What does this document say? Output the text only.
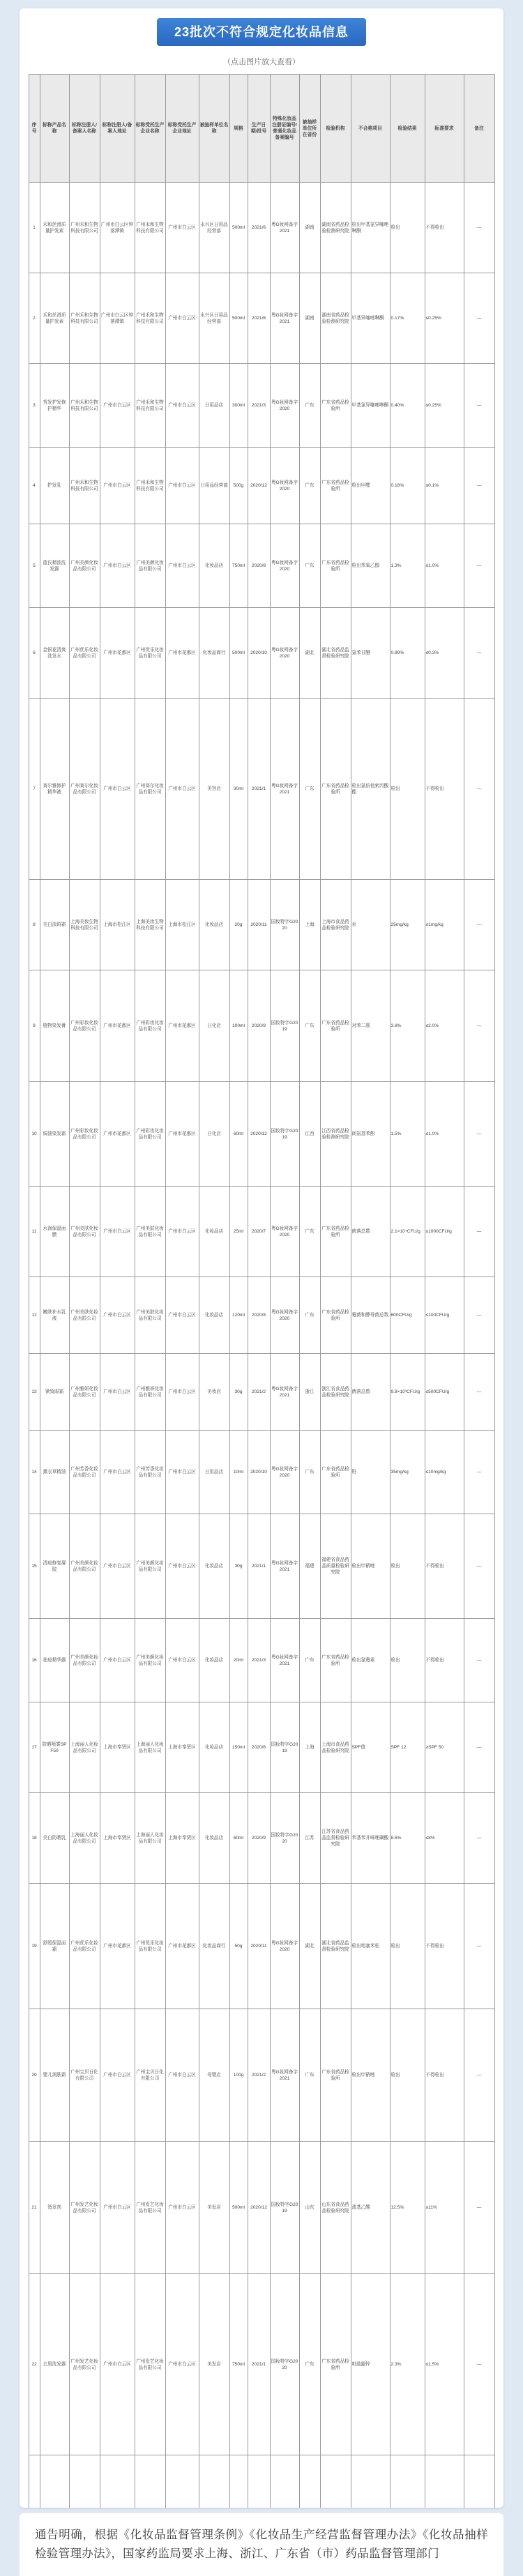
23批次不符合规定化妆品信息
（点击图片放大查看）
序号	标称产品名称	标称注册人/备案人名称	标称注册人/备案人地址	标称受托生产企业名称	标称受托生产企业地址	被抽样单位名称	规格	生产日期/批号	特殊化妆品注册证编号/普通化妆品备案编号	被抽样单位所在省份	检验机构	不合格项目	检验结果	标准要求	备注
1	禾和丝滑质量护发素	广州禾和生物科技有限公司	广州市白云区钟落潭镇	广州禾和生物科技有限公司	广州市白云区	永兴区日用品经营部	500ml	2021/6	粤G妆网备字2021	湖南	湖南省药品检验检测研究院	检出甲基氯异噻唑啉酮	检出	不得检出	—
2	禾和丝滑质量护发素	广州禾和生物科技有限公司	广州市白云区钟落潭镇	广州禾和生物科技有限公司	广州市白云区	永兴区日用品经营部	500ml	2021/6	粤G妆网备字2021	湖南	湖南省药品检验检测研究院	甲基异噻唑啉酮	0.17%	≤0.25%	—
3	秀发护发修护精华	广州禾和生物科技有限公司	广州市白云区	广州禾和生物科技有限公司	广州市白云区	日用品店	300ml	2021/3	粤G妆网备字2020	广东	广东省药品检验所	甲基氯异噻唑啉酮	0.40%	≤0.25%	—
4	护发乳	广州禾和生物科技有限公司	广州市白云区	广州禾和生物科技有限公司	广州市白云区	日用品经营部	500g	2020/12	粤G妆网备字2020	广东	广东省药品检验所	检出甲醛	0.18%	≤0.1%	—
5	蓝氏精油洗发露	广州美颜化妆品有限公司	广州市白云区	广州美颜化妆品有限公司	广州市白云区	化妆品店	750ml	2020/8	粤G妆网备字2020	广东	广东省药品检验所	检出苯氧乙醇	1.3%	≤1.0%	—
6	金银花清爽洗发水	广州优乐化妆品有限公司	广州市花都区	广州优乐化妆品有限公司	广州市花都区	化妆品商行	500ml	2020/10	粤G妆网备字2020	湖北	湖北省药品监督检验研究院	氯苯甘醚	0.89%	≤0.3%	—
7	赛尔雅修护精华液	广州赛尔化妆品有限公司	广州市白云区	广州赛尔化妆品有限公司	广州市白云区	美容店	30ml	2021/1	粤G妆网备字2021	广东	广东省药品检验所	检出氯倍他索丙酸酯	检出	不得检出	—
8	美白淡斑霜	上海美妆生物科技有限公司	上海市松江区	上海美妆生物科技有限公司	上海市松江区	化妆品店	20g	2020/11	国妆特字G2020	上海	上海市食品药品检验研究院	汞	25mg/kg	≤1mg/kg	—
9	植物染发膏	广州彩妆化妆品有限公司	广州市花都区	广州彩妆化妆品有限公司	广州市花都区	日化店	100ml	2020/9	国妆特字G2019	广东	广东省药品检验所	对苯二胺	3.8%	≤2.0%	—
10	焗油染发霜	广州彩妆化妆品有限公司	广州市花都区	广州彩妆化妆品有限公司	广州市花都区	日化店	60ml	2020/12	国妆特字G2019	江西	江西省药品检验检测研究院	间氨基苯酚	1.5%	≤1.0%	—
11	水润保湿面膜	广州美肤化妆品有限公司	广州市白云区	广州美肤化妆品有限公司	广州市白云区	化妆品店	25ml	2020/7	粤G妆网备字2020	广东	广东省药品检验所	菌落总数	2.1×10⁴CFU/g	≤1000CFU/g	—
12	嫩肤补水乳液	广州美肤化妆品有限公司	广州市白云区	广州美肤化妆品有限公司	广州市白云区	化妆品店	120ml	2020/8	粤G妆网备字2020	广东	广东省药品检验所	霉菌和酵母菌总数	600CFU/g	≤100CFU/g	—
13	紧致眼霜	广州雅妍化妆品有限公司	广州市白云区	广州雅妍化妆品有限公司	广州市白云区	美妆店	30g	2021/2	粤G妆网备字2021	浙江	浙江省食品药品检验研究院	菌落总数	9.8×10³CFU/g	≤500CFU/g	—
14	薰衣草精油	广州芳香化妆品有限公司	广州市白云区	广州芳香化妆品有限公司	广州市白云区	日用品店	10ml	2020/10	粤G妆网备字2020	广东	广东省药品检验所	铅	35mg/kg	≤10mg/kg	—
15	清痘修复凝胶	广州美颜化妆品有限公司	广州市白云区	广州美颜化妆品有限公司	广州市白云区	化妆品店	30g	2021/1	粤G妆网备字2021	福建	福建省食品药品质量检验研究院	检出甲硝唑	检出	不得检出	—
16	祛痘精华露	广州美颜化妆品有限公司	广州市白云区	广州美颜化妆品有限公司	广州市白云区	化妆品店	20ml	2021/3	粤G妆网备字2021	广东	广东省药品检验所	检出氯霉素	检出	不得检出	—
17	防晒喷雾SPF50	上海丽人化妆品有限公司	上海市奉贤区	上海丽人化妆品有限公司	上海市奉贤区	化妆品店	150ml	2020/6	国妆特字G2019	上海	上海市食品药品检验研究院	SPF值	SPF 12	≥SPF 50	—
18	美白防晒乳	上海丽人化妆品有限公司	上海市奉贤区	上海丽人化妆品有限公司	上海市奉贤区	化妆品店	60ml	2020/9	国妆特字G2020	江苏	江苏省食品药品监督检验研究院	苯基苯并咪唑磺酸	8.6%	≤8%	—
19	舒缓保湿面霜	广州优乐化妆品有限公司	广州市花都区	广州优乐化妆品有限公司	广州市花都区	化妆品商行	50g	2020/11	粤G妆网备字2020	湖北	湖北省药品监督检验研究院	检出地塞米松	检出	不得检出	—
20	婴儿润肤霜	广州宝贝日化有限公司	广州市白云区	广州宝贝日化有限公司	广州市白云区	母婴店	100g	2021/2	粤G妆网备字2021	广东	广东省药品检验所	检出甲硝唑	检出	不得检出	—
21	烫发剂	广州发艺化妆品有限公司	广州市白云区	广州发艺化妆品有限公司	广州市白云区	美发店	500ml	2020/12	国妆特字G2019	山东	山东省食品药品检验研究院	巯基乙酸	12.5%	≤11%	—
22	去屑洗发露	广州发艺化妆品有限公司	广州市白云区	广州发艺化妆品有限公司	广州市白云区	美发店	750ml	2021/1	国妆特字G2020	广东	广东省药品检验所	吡硫鎓锌	2.3%	≤1.5%	—

通告明确，根据《化妆品监督管理条例》《化妆品生产经营监督管理办法》《化妆品抽样检验管理办法》，国家药监局要求上海、浙江、广东省（市）药品监督管理部门
